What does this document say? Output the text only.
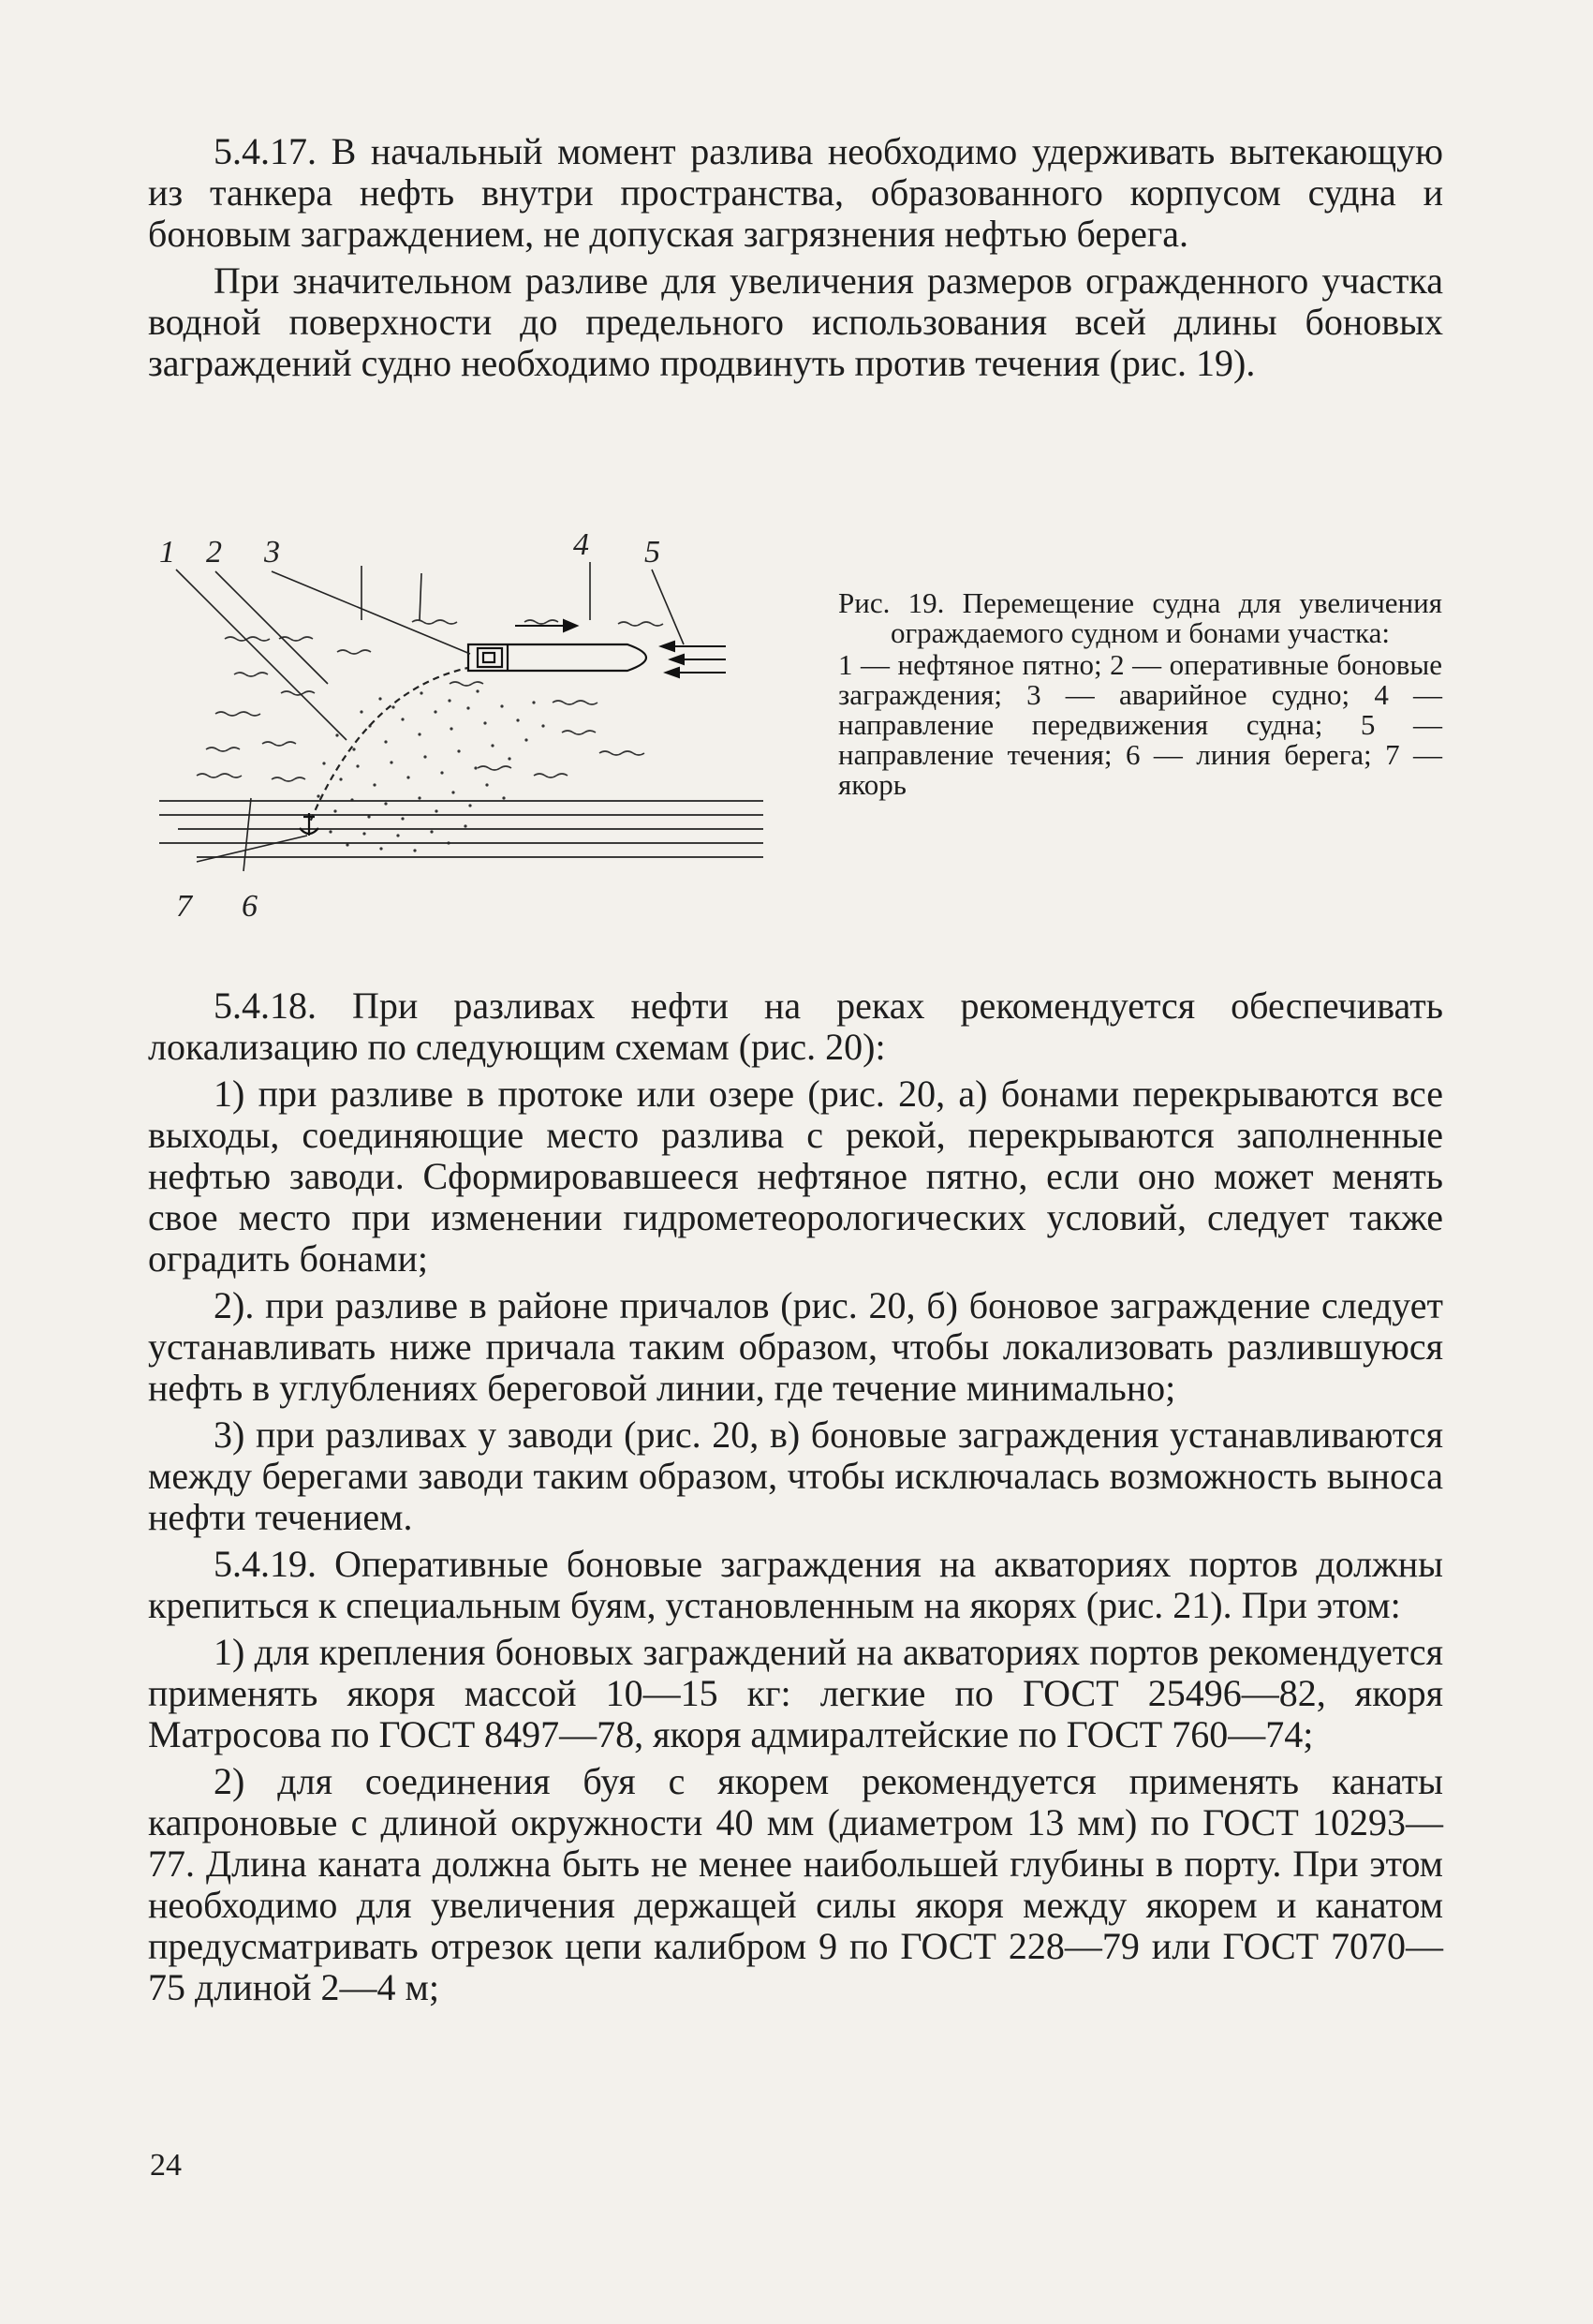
5.4.17. В начальный момент разлива необходимо удерживать вытекающую из танкера нефть внутри пространства, образованного корпусом судна и боновым заграждением, не допуская загрязнения нефтью берега.

При значительном разливе для увеличения размеров огражденного участка водной поверхности до предельного использования всей длины боновых заграждений судно необходимо продвинуть против течения (рис. 19).

1 2 3	4 5
7 6
Рис. 19. Перемещение судна для увеличения ограждаемого судном и бонами участка:
1 — нефтяное пятно; 2 — оперативные боновые заграждения; 3 — аварийное судно; 4 — направление передвижения судна; 5 — направление течения; 6 — линия берега; 7 — якорь

5.4.18. При разливах нефти на реках рекомендуется обеспечивать локализацию по следующим схемам (рис. 20):

1) при разливе в протоке или озере (рис. 20, а) бонами перекрываются все выходы, соединяющие место разлива с рекой, перекрываются заполненные нефтью заводи. Сформировавшееся нефтяное пятно, если оно может менять свое место при изменении гидрометеорологических условий, следует также оградить бонами;

2). при разливе в районе причалов (рис. 20, б) боновое заграждение следует устанавливать ниже причала таким образом, чтобы локализовать разлившуюся нефть в углублениях береговой линии, где течение минимально;

3) при разливах у заводи (рис. 20, в) боновые заграждения устанавливаются между берегами заводи таким образом, чтобы исключалась возможность выноса нефти течением.

5.4.19. Оперативные боновые заграждения на акваториях портов должны крепиться к специальным буям, установленным на якорях (рис. 21). При этом:

1) для крепления боновых заграждений на акваториях портов рекомендуется применять якоря массой 10—15 кг: легкие по ГОСТ 25496—82, якоря Матросова по ГОСТ 8497—78, якоря адмиралтейские по ГОСТ 760—74;

2) для соединения буя с якорем рекомендуется применять канаты капроновые с длиной окружности 40 мм (диаметром 13 мм) по ГОСТ 10293—77. Длина каната должна быть не менее наибольшей глубины в порту. При этом необходимо для увеличения держащей силы якоря между якорем и канатом предусматривать отрезок цепи калибром 9 по ГОСТ 228—79 или ГОСТ 7070—75 длиной 2—4 м;

24
